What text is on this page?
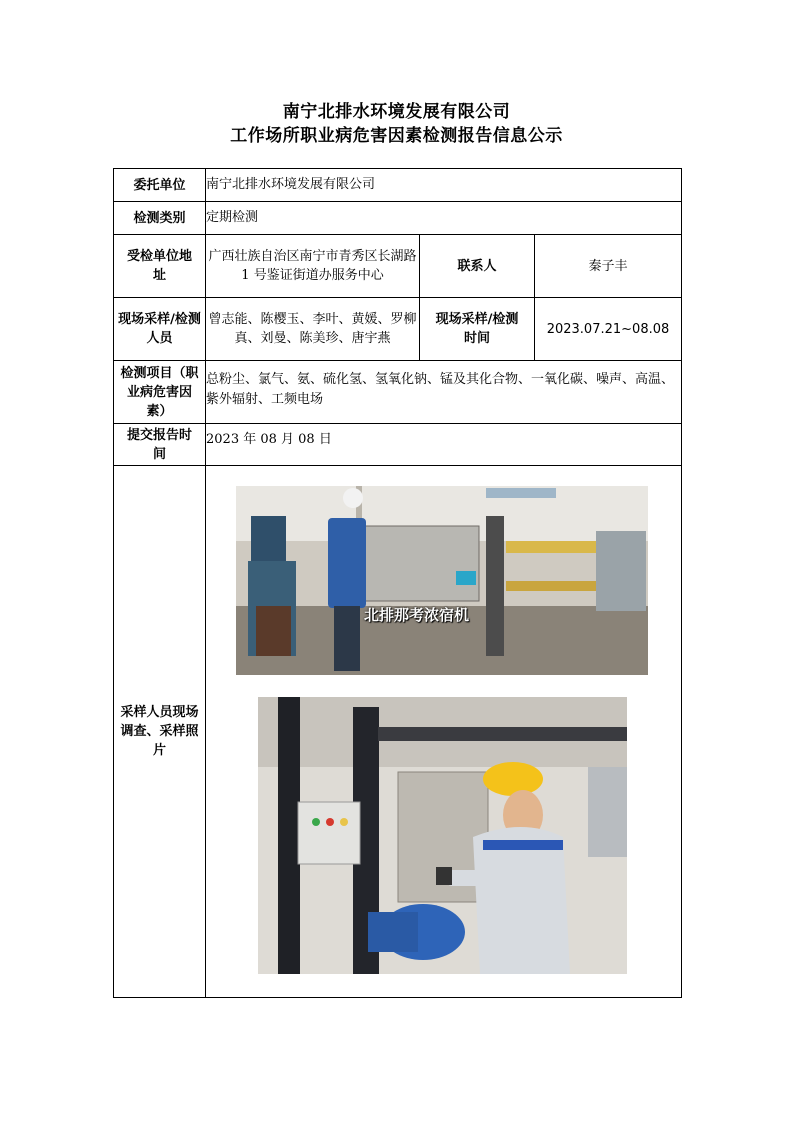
南宁北排水环境发展有限公司
工作场所职业病危害因素检测报告信息公示
委托单位	南宁北排水环境发展有限公司		
检测类别	定期检测		
受检单位地址	广西壮族自治区南宁市青秀区长湖路 1 号鉴证街道办服务中心	联系人	秦子丰
现场采样/检测人员	曾志能、陈樱玉、李叶、黄媛、罗柳真、刘曼、陈美珍、唐宇燕	现场采样/检测时间	2023.07.21~08.08
检测项目（职业病危害因素）	总粉尘、氯气、氨、硫化氢、氢氧化钠、锰及其化合物、一氧化碳、噪声、高温、紫外辐射、工频电场		
提交报告时间	2023 年 08 月 08 日		
采样人员现场调查、采样照片	北排那考浓宿机		
